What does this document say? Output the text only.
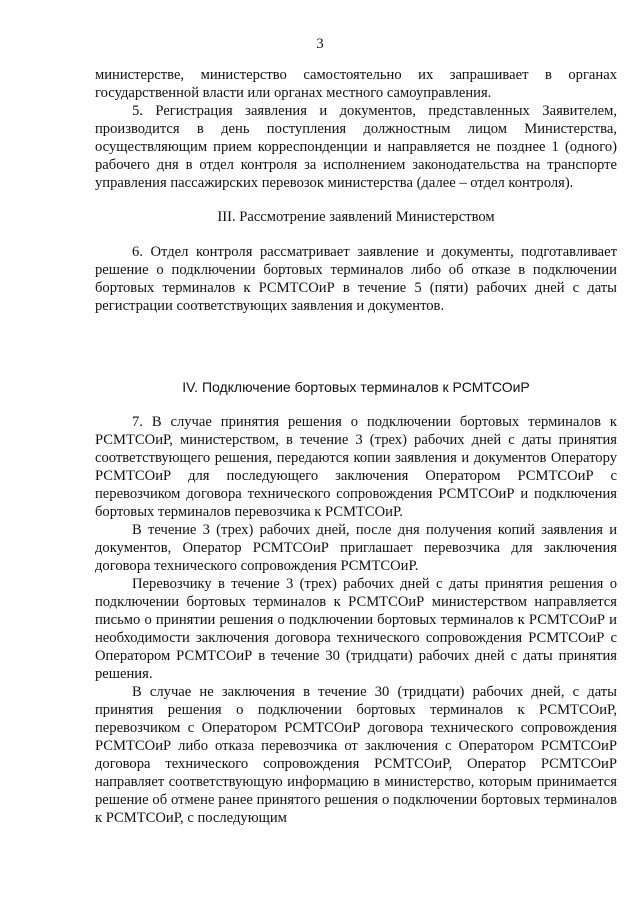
3

министерстве, министерство самостоятельно их запрашивает в органах государственной власти или органах местного самоуправления.

5. Регистрация заявления и документов, представленных Заявителем, производится в день поступления должностным лицом Министерства, осуществляющим прием корреспонденции и направляется не позднее 1 (одного) рабочего дня в отдел контроля за исполнением законодательства на транспорте управления пассажирских перевозок министерства (далее – отдел контроля).

III. Рассмотрение заявлений Министерством

6. Отдел контроля рассматривает заявление и документы, подготавливает решение о подключении бортовых терминалов либо об отказе в подключении бортовых терминалов к РСМТСОиР в течение 5 (пяти) рабочих дней с даты регистрации соответствующих заявления и документов.

IV. Подключение бортовых терминалов к РСМТСОиР

7. В случае принятия решения о подключении бортовых терминалов к РСМТСОиР, министерством, в течение 3 (трех) рабочих дней с даты принятия соответствующего решения, передаются копии заявления и документов Оператору РСМТСОиР для последующего заключения Оператором РСМТСОиР с перевозчиком договора технического сопровождения РСМТСОиР и подключения бортовых терминалов перевозчика к РСМТСОиР.

В течение 3 (трех) рабочих дней, после дня получения копий заявления и документов, Оператор РСМТСОиР приглашает перевозчика для заключения договора технического сопровождения РСМТСОиР.

Перевозчику в течение 3 (трех) рабочих дней с даты принятия решения о подключении бортовых терминалов к РСМТСОиР министерством направляется письмо о принятии решения о подключении бортовых терминалов к РСМТСОиР и необходимости заключения договора технического сопровождения РСМТСОиР с Оператором РСМТСОиР в течение 30 (тридцати) рабочих дней с даты принятия решения.

В случае не заключения в течение 30 (тридцати) рабочих дней, с даты принятия решения о подключении бортовых терминалов к РСМТСОиР, перевозчиком с Оператором РСМТСОиР договора технического сопровождения РСМТСОиР либо отказа перевозчика от заключения с Оператором РСМТСОиР договора технического сопровождения РСМТСОиР, Оператор РСМТСОиР направляет соответствующую информацию в министерство, которым принимается решение об отмене ранее принятого решения о подключении бортовых терминалов к РСМТСОиР, с последующим
